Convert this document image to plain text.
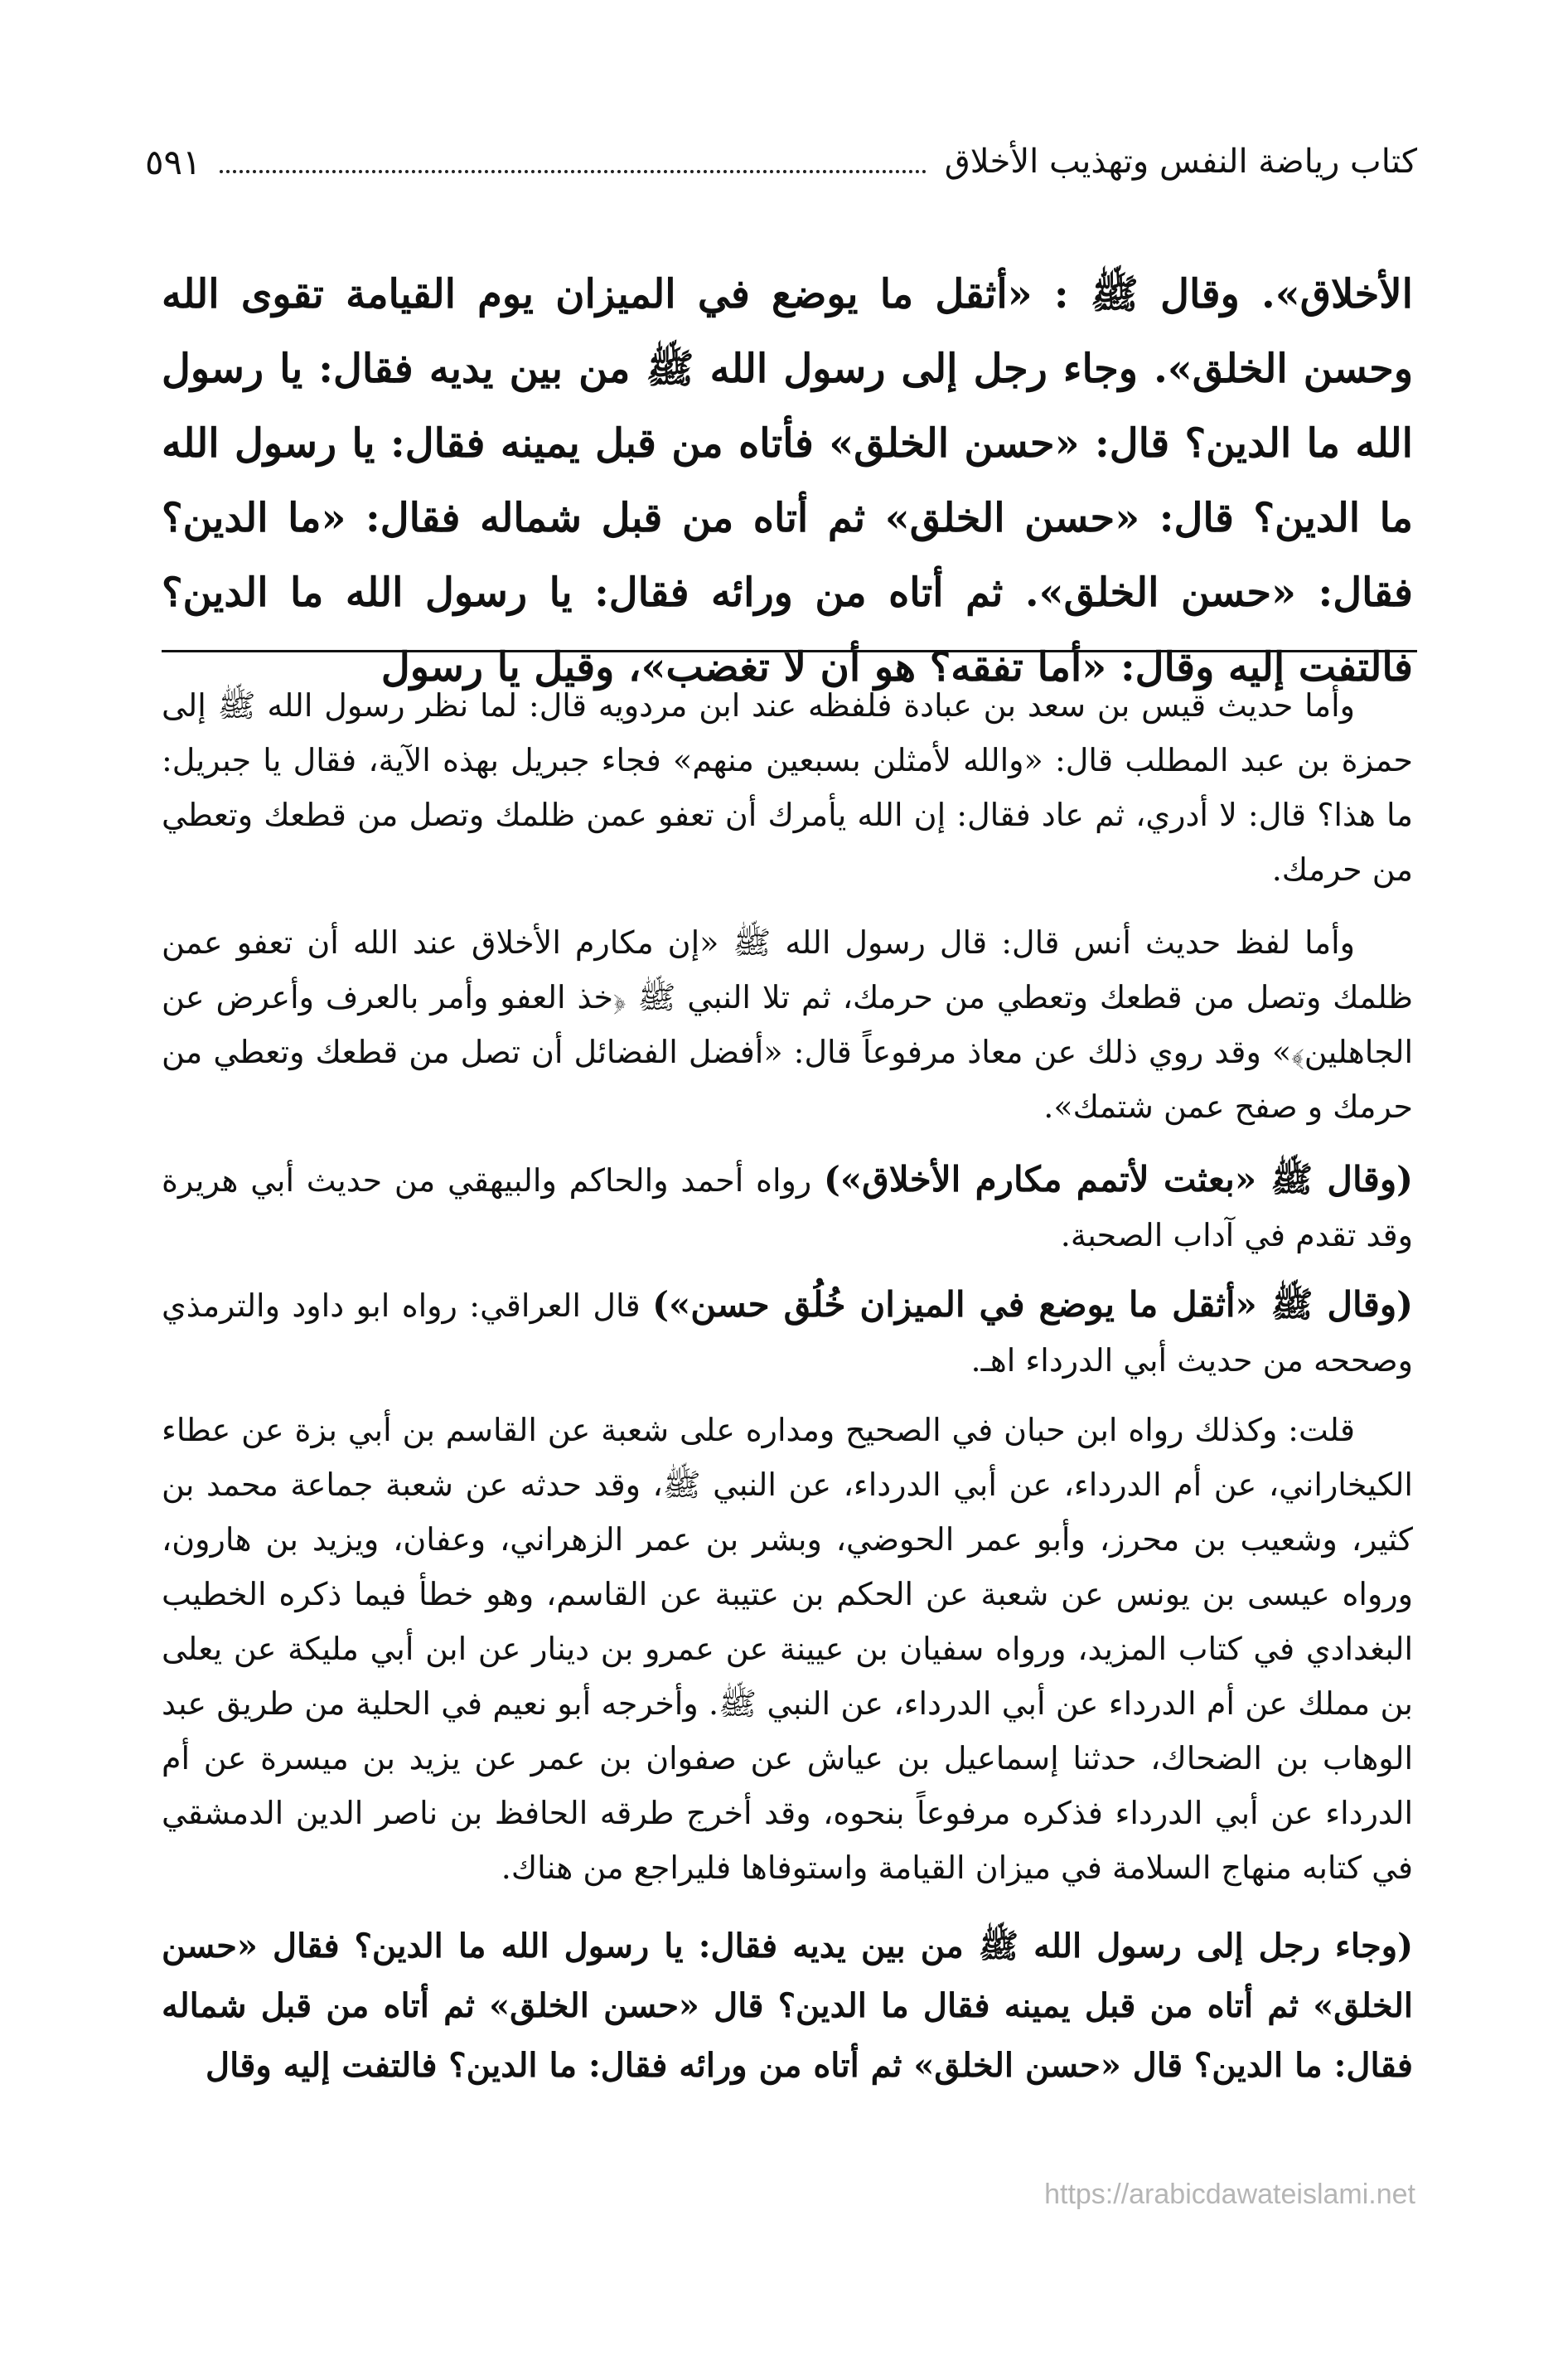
كتاب رياضة النفس وتهذيب الأخلاق
٥٩١
الأخلاق». وقال ﷺ : «أثقل ما يوضع في الميزان يوم القيامة تقوى الله وحسن الخلق». وجاء رجل إلى رسول الله ﷺ من بين يديه فقال: يا رسول الله ما الدين؟ قال: «حسن الخلق» فأتاه من قبل يمينه فقال: يا رسول الله ما الدين؟ قال: «حسن الخلق» ثم أتاه من قبل شماله فقال: «ما الدين؟ فقال: «حسن الخلق». ثم أتاه من ورائه فقال: يا رسول الله ما الدين؟ فالتفت إليه وقال: «أما تفقه؟ هو أن لا تغضب»، وقيل يا رسول

وأما حديث قيس بن سعد بن عبادة فلفظه عند ابن مردويه قال: لما نظر رسول الله ﷺ إلى حمزة بن عبد المطلب قال: «والله لأمثلن بسبعين منهم» فجاء جبريل بهذه الآية، فقال يا جبريل: ما هذا؟ قال: لا أدري، ثم عاد فقال: إن الله يأمرك أن تعفو عمن ظلمك وتصل من قطعك وتعطي من حرمك.

وأما لفظ حديث أنس قال: قال رسول الله ﷺ «إن مكارم الأخلاق عند الله أن تعفو عمن ظلمك وتصل من قطعك وتعطي من حرمك، ثم تلا النبي ﷺ ﴿خذ العفو وأمر بالعرف وأعرض عن الجاهلين﴾» وقد روي ذلك عن معاذ مرفوعاً قال: «أفضل الفضائل أن تصل من قطعك وتعطي من حرمك و صفح عمن شتمك».

(وقال ﷺ «بعثت لأتمم مكارم الأخلاق») رواه أحمد والحاكم والبيهقي من حديث أبي هريرة وقد تقدم في آداب الصحبة.

(وقال ﷺ «أثقل ما يوضع في الميزان خُلُق حسن») قال العراقي: رواه ابو داود والترمذي وصححه من حديث أبي الدرداء اهـ.

قلت: وكذلك رواه ابن حبان في الصحيح ومداره على شعبة عن القاسم بن أبي بزة عن عطاء الكيخاراني، عن أم الدرداء، عن أبي الدرداء، عن النبي ﷺ، وقد حدثه عن شعبة جماعة محمد بن كثير، وشعيب بن محرز، وأبو عمر الحوضي، وبشر بن عمر الزهراني، وعفان، ويزيد بن هارون، ورواه عيسى بن يونس عن شعبة عن الحكم بن عتيبة عن القاسم، وهو خطأ فيما ذكره الخطيب البغدادي في كتاب المزيد، ورواه سفيان بن عيينة عن عمرو بن دينار عن ابن أبي مليكة عن يعلى بن مملك عن أم الدرداء عن أبي الدرداء، عن النبي ﷺ. وأخرجه أبو نعيم في الحلية من طريق عبد الوهاب بن الضحاك، حدثنا إسماعيل بن عياش عن صفوان بن عمر عن يزيد بن ميسرة عن أم الدرداء عن أبي الدرداء فذكره مرفوعاً بنحوه، وقد أخرج طرقه الحافظ بن ناصر الدين الدمشقي في كتابه منهاج السلامة في ميزان القيامة واستوفاها فليراجع من هناك.

(وجاء رجل إلى رسول الله ﷺ من بين يديه فقال: يا رسول الله ما الدين؟ فقال «حسن الخلق» ثم أتاه من قبل يمينه فقال ما الدين؟ قال «حسن الخلق» ثم أتاه من قبل شماله فقال: ما الدين؟ قال «حسن الخلق» ثم أتاه من ورائه فقال: ما الدين؟ فالتفت إليه وقال

https://arabicdawateislami.net
